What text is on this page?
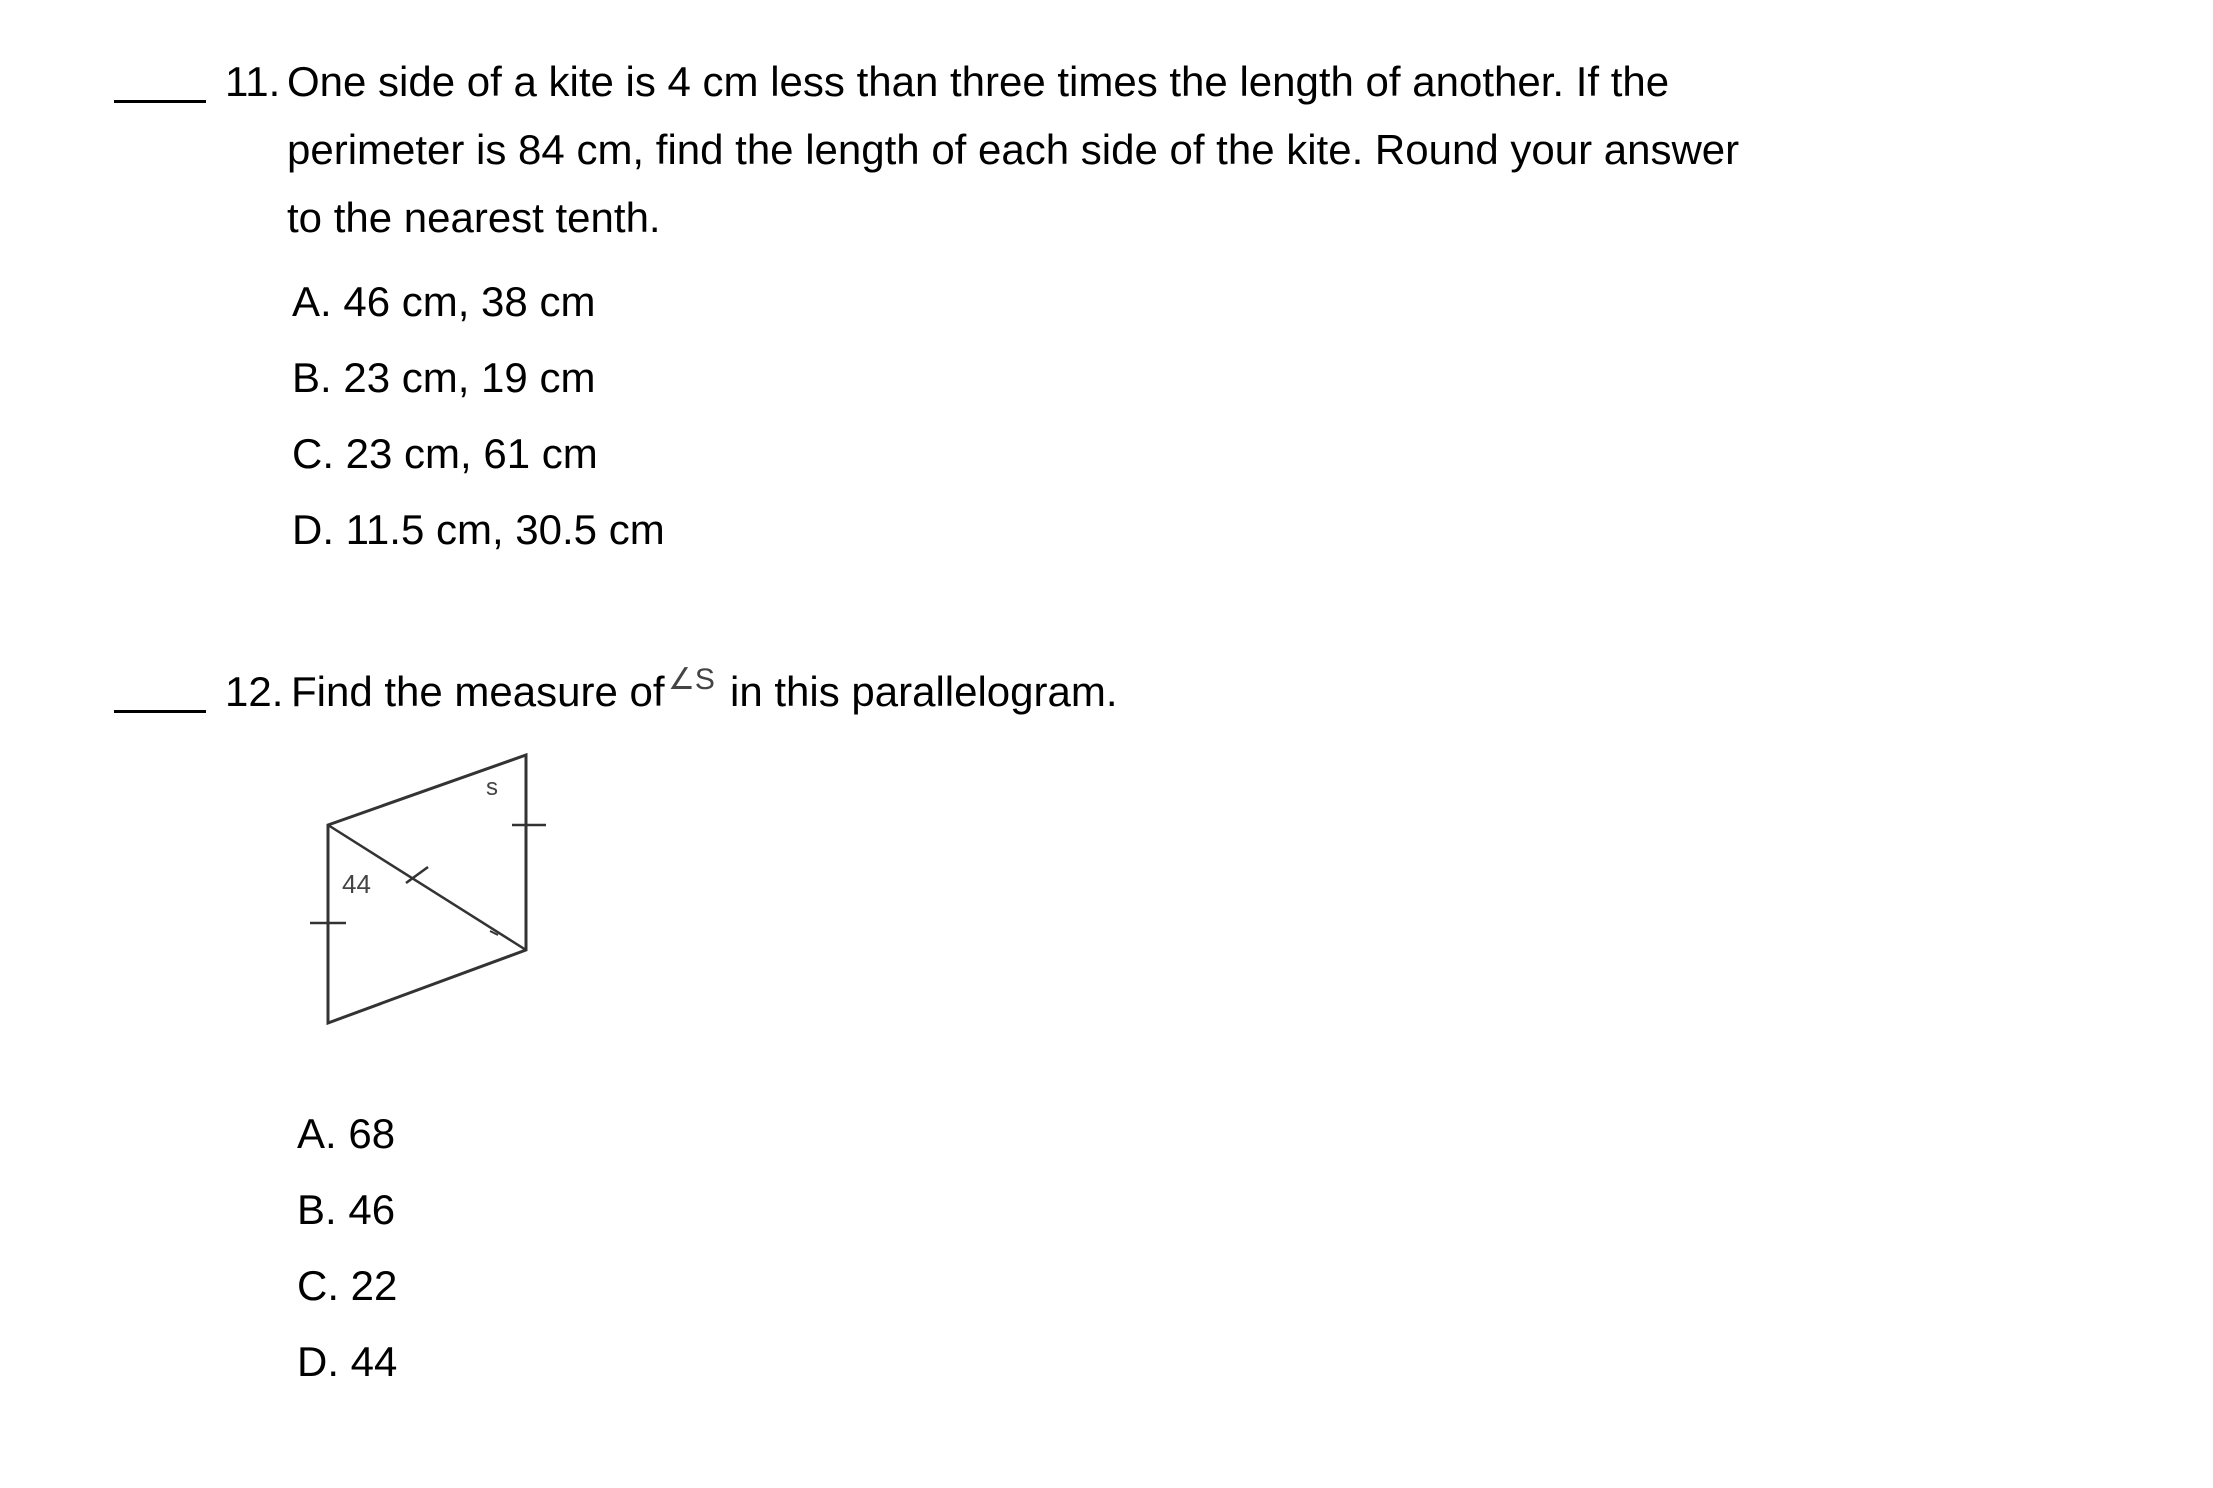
11. One side of a kite is 4 cm less than three times the length of another. If the
perimeter is 84 cm, find the length of each side of the kite. Round your answer
to the nearest tenth.
A. 46 cm, 38 cm
B. 23 cm, 19 cm
C. 23 cm, 61 cm
D. 11.5 cm, 30.5 cm
12. Find the measure of ∠S in this parallelogram.
s
44
A. 68
B. 46
C. 22
D. 44
